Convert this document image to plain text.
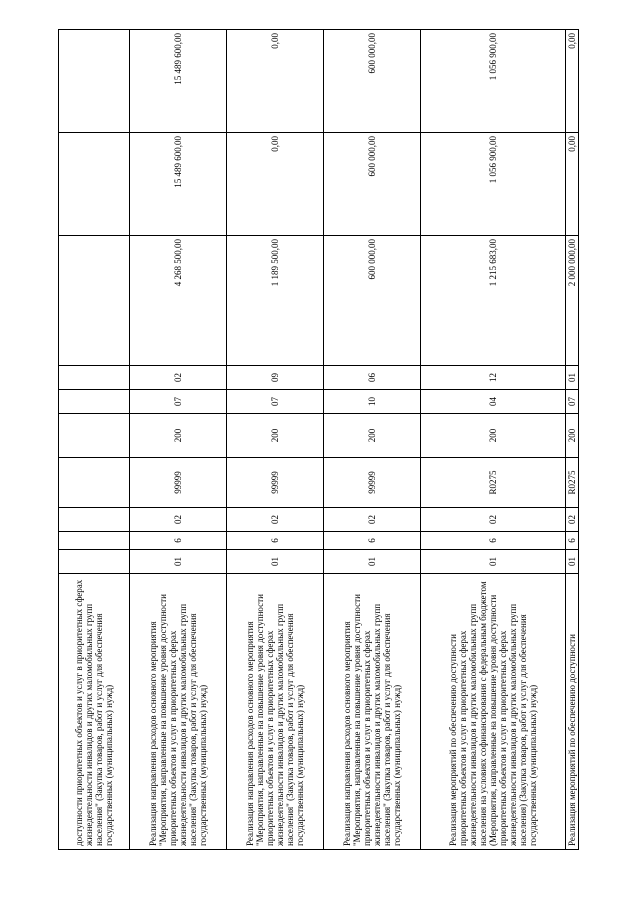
доступности приоритетных объектов и услуг в приоритетных сферах жизнедеятельности инвалидов и других маломобильных групп населения" (Закупка товаров, работ и услуг для обеспечения государственных (муниципальных) нужд)										
Реализация направления расходов основного мероприятия "Мероприятия, направленные на повышение уровня доступности приоритетных объектов и услуг в приоритетных сферах жизнедеятельности инвалидов и других маломобильных групп населения" (Закупка товаров, работ и услуг для обеспечения государственных (муниципальных) нужд)	01	6	02	99999	200	07	02	4 268 500,00	15 489 600,00	15 489 600,00
Реализация направления расходов основного мероприятия "Мероприятия, направленные на повышение уровня доступности приоритетных объектов и услуг в приоритетных сферах жизнедеятельности инвалидов и других маломобильных групп населения" (Закупка товаров, работ и услуг для обеспечения государственных (муниципальных) нужд)	01	6	02	99999	200	07	09	1 189 500,00	0,00	0,00
Реализация направления расходов основного мероприятия "Мероприятия, направленные на повышение уровня доступности приоритетных объектов и услуг в приоритетных сферах жизнедеятельности инвалидов и других маломобильных групп населения" (Закупка товаров, работ и услуг для обеспечения государственных (муниципальных) нужд)	01	6	02	99999	200	10	06	600 000,00	600 000,00	600 000,00
Реализация мероприятий по обеспечению доступности приоритетных объектов и услуг в приоритетных сферах жизнедеятельности инвалидов и других маломобильных групп населения на условиях софинансирования с федеральным бюджетом (Мероприятия, направленные на повышение уровня доступности приоритетных объектов и услуг в приоритетных сферах жизнедеятельности инвалидов и других маломобильных групп населения) (Закупка товаров, работ и услуг для обеспечения государственных (муниципальных) нужд)	01	6	02	R0275	200	04	12	1 215 683,00	1 056 900,00	1 056 900,00
Реализация мероприятий по обеспечению доступности	01	6	02	R0275	200	07	01	2 000 000,00	0,00	0,00
